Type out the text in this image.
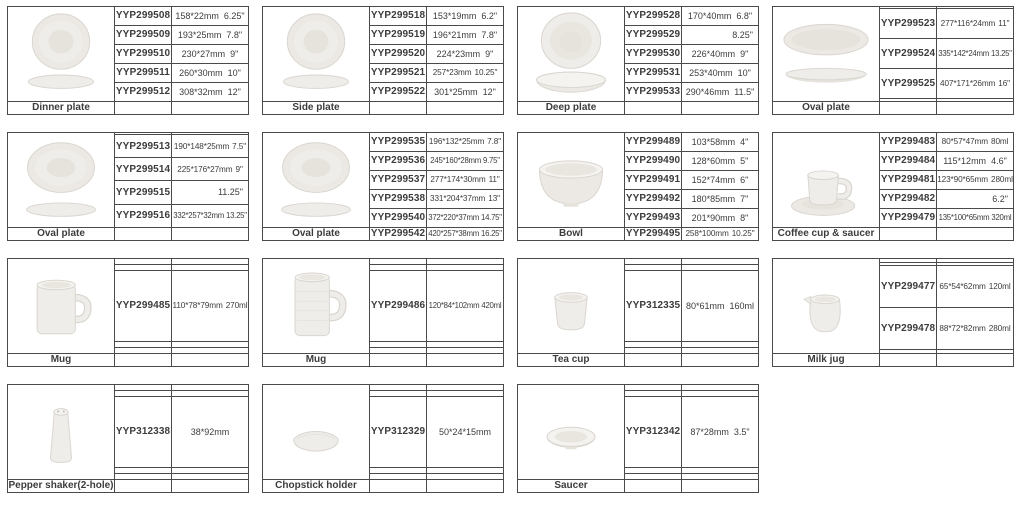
	YYP299508	158*22mm 6.25"
	YYP299509	193*25mm 7.8"
	YYP299510	230*27mm 9"
	YYP299511	260*30mm 10"
	YYP299512	308*32mm 12"
Dinner plate		
	YYP299518	153*19mm 6.2"
	YYP299519	196*21mm 7.8"
	YYP299520	224*23mm 9"
	YYP299521	257*23mm 10.25"
	YYP299522	301*25mm 12"
Side plate		
	YYP299528	170*40mm 6.8"
	YYP299529	8.25"
	YYP299530	226*40mm 9"
	YYP299531	253*40mm 10"
	YYP299533	290*46mm 11.5"
Deep plate		

	YYP299523	277*116*24mm 11"
	YYP299524	335*142*24mm 13.25"
	YYP299525	407*171*26mm 16"

Oval plate		

	YYP299513	190*148*25mm 7.5"
	YYP299514	225*176*27mm 9"
	YYP299515	11.25"
	YYP299516	332*257*32mm 13.25"
Oval plate		
	YYP299535	196*132*25mm 7.8"
	YYP299536	245*160*28mm 9.75"
	YYP299537	277*174*30mm 11"
	YYP299538	331*204*37mm 13"
	YYP299540	372*220*37mm 14.75"
Oval plate	YYP299542	420*257*38mm 16.25"
	YYP299489	103*58mm 4"
	YYP299490	128*60mm 5"
	YYP299491	152*74mm 6"
	YYP299492	180*85mm 7"
	YYP299493	201*90mm 8"
Bowl	YYP299495	258*100mm 10.25"
	YYP299483	80*57*47mm 80ml
	YYP299484	115*12mm 4.6"
	YYP299481	123*90*65mm 280ml
	YYP299482	6.2"
	YYP299479	135*100*65mm 320ml
Coffee cup & saucer		

	YYP299485	110*78*79mm 270ml

Mug		

	YYP299486	120*84*102mm 420ml

Mug		

	YYP312335	80*61mm 160ml

Tea cup		

	YYP299477	65*54*62mm 120ml
	YYP299478	88*72*82mm 280ml

Milk jug		

	YYP312338	38*92mm

Pepper shaker(2-hole)		

	YYP312329	50*24*15mm

Chopstick holder		

	YYP312342	87*28mm 3.5"

Saucer		
